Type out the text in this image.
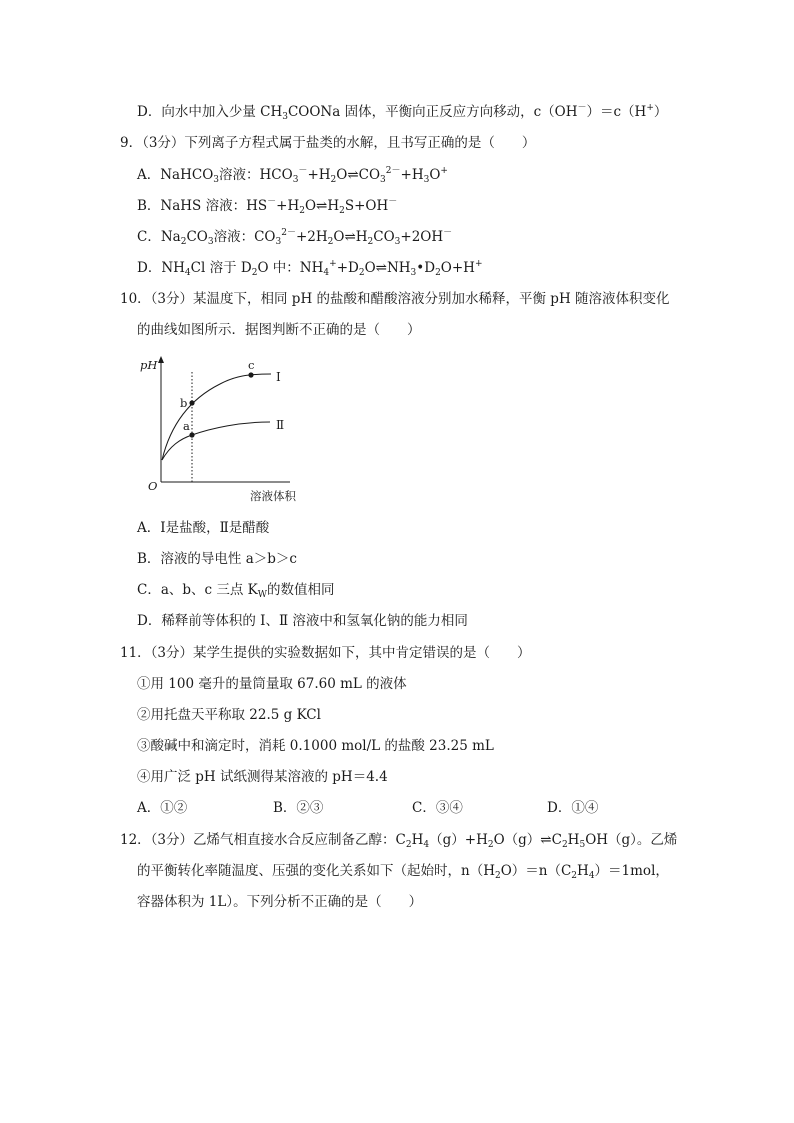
D．向水中加入少量 $CH_3COONa$ 固体，平衡向正反应方向移动，c（OH－）＝c（H+）
9．（3分）下列离子方程式属于盐类的水解，且书写正确的是（　　）
A．NaHCO$_3$溶液：$HCO_3^-+H_2O\rightleftharpoons CO_3^{2-}+H_3O^+$
B．NaHS 溶液：$HS^-+H_2O\rightleftharpoons H_2S+OH^-$
C．$Na_2CO_3$溶液：$CO_3^{2-}+2H_2O\rightleftharpoons H_2CO_3+2OH^-$
D．$NH_4Cl$ 溶于 $D_2O$ 中：$NH_4^++D_2O\rightleftharpoons NH_3•D_2O+H^+$
10．（3分）某温度下，相同 pH 的盐酸和醋酸溶液分别加水稀释，平衡 pH 随溶液体积变化
的曲线如图所示．据图判断不正确的是（　　）
pH
O
溶液体积
b
a
c
Ⅰ
Ⅱ
A．Ⅰ是盐酸，Ⅱ是醋酸
B．溶液的导电性 a＞b＞c
C．a、b、c 三点 $K_W$的数值相同
D．稀释前等体积的 Ⅰ、Ⅱ 溶液中和氢氧化钠的能力相同
11．（3分）某学生提供的实验数据如下，其中肯定错误的是（　　）
①用 100 毫升的量筒量取 67.60 mL 的液体
②用托盘天平称取 22.5 g KCl
③酸碱中和滴定时，消耗 0.1000 mol/L 的盐酸 23.25 mL
④用广泛 pH 试纸测得某溶液的 pH＝4.4
A．①②	B．②③	C．③④	D．①④
12．（3分）乙烯气相直接水合反应制备乙醇：$C_2H_4(g)+H_2O(g)\rightleftharpoons C_2H_5OH(g)$。乙烯
的平衡转化率随温度、压强的变化关系如下（起始时，$n(H_2O)=n(C_2H_4)=1mol$，
容器体积为 1L）。下列分析不正确的是（　　）
